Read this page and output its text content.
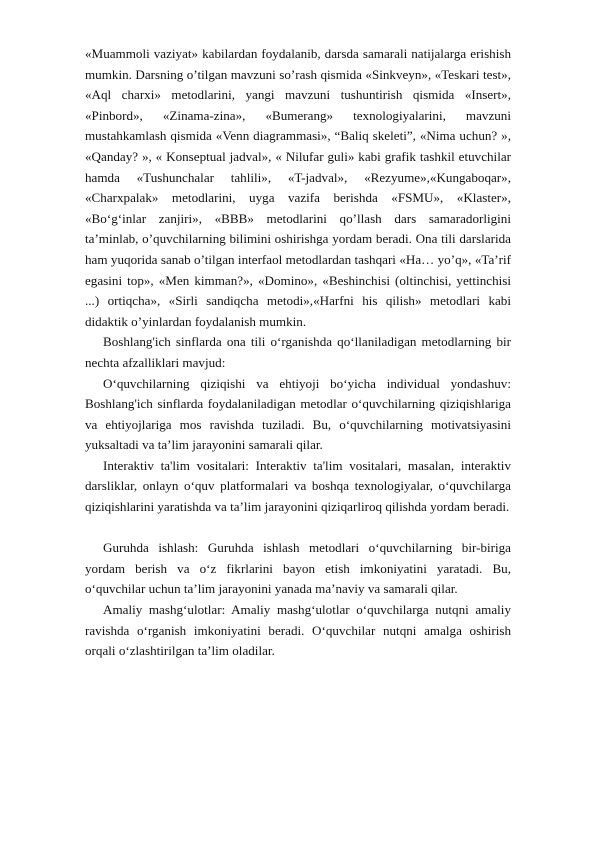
«Muammoli vaziyat» kabilardan foydalanib, darsda samarali natijalarga erishish mumkin. Darsning o’tilgan mavzuni so’rash qismida «Sinkveyn», «Teskari test», «Aql charxi» metodlarini, yangi mavzuni tushuntirish qismida «Insert», «Pinbord», «Zinama-zina», «Bumerang» texnologiyalarini, mavzuni mustahkamlash qismida «Venn diagrammasi», “Baliq skeleti”, «Nima uchun? », «Qanday? », « Konseptual jadval», « Nilufar guli» kabi grafik tashkil etuvchilar hamda «Tushunchalar tahlili», «T-jadval», «Rezyume»,«Kungaboqar», «Charxpalak» metodlarini, uyga vazifa berishda «FSMU», «Klaster», «Bo‘g‘inlar zanjiri», «BBB» metodlarini qo’llash dars samaradorligini ta’minlab, o’quvchilarning bilimini oshirishga yordam beradi. Ona tili darslarida ham yuqorida sanab o’tilgan interfaol metodlardan tashqari «Ha… yo’q», «Ta’rif egasini top», «Men kimman?», «Domino», «Beshinchisi (oltinchisi, yettinchisi ...) ortiqcha», «Sirli sandiqcha metodi»,«Harfni his qilish» metodlari kabi didaktik o’yinlardan foydalanish mumkin.

Boshlang'ich sinflarda ona tili o‘rganishda qo‘llaniladigan metodlarning bir nechta afzalliklari mavjud:

O‘quvchilarning qiziqishi va ehtiyoji bo‘yicha individual yondashuv: Boshlang'ich sinflarda foydalaniladigan metodlar o‘quvchilarning qiziqishlariga va ehtiyojlariga mos ravishda tuziladi. Bu, o‘quvchilarning motivatsiyasini yuksaltadi va ta’lim jarayonini samarali qilar.

Interaktiv ta'lim vositalari: Interaktiv ta'lim vositalari, masalan, interaktiv darsliklar, onlayn o‘quv platformalari va boshqa texnologiyalar, o‘quvchilarga qiziqishlarini yaratishda va ta’lim jarayonini qiziqarliroq qilishda yordam beradi.

Guruhda ishlash: Guruhda ishlash metodlari o‘quvchilarning bir-biriga yordam berish va o‘z fikrlarini bayon etish imkoniyatini yaratadi. Bu, o‘quvchilar uchun ta’lim jarayonini yanada ma’naviy va samarali qilar.

Amaliy mashg‘ulotlar: Amaliy mashg‘ulotlar o‘quvchilarga nutqni amaliy ravishda o‘rganish imkoniyatini beradi. O‘quvchilar nutqni amalga oshirish orqali o‘zlashtirilgan ta’lim oladilar.
